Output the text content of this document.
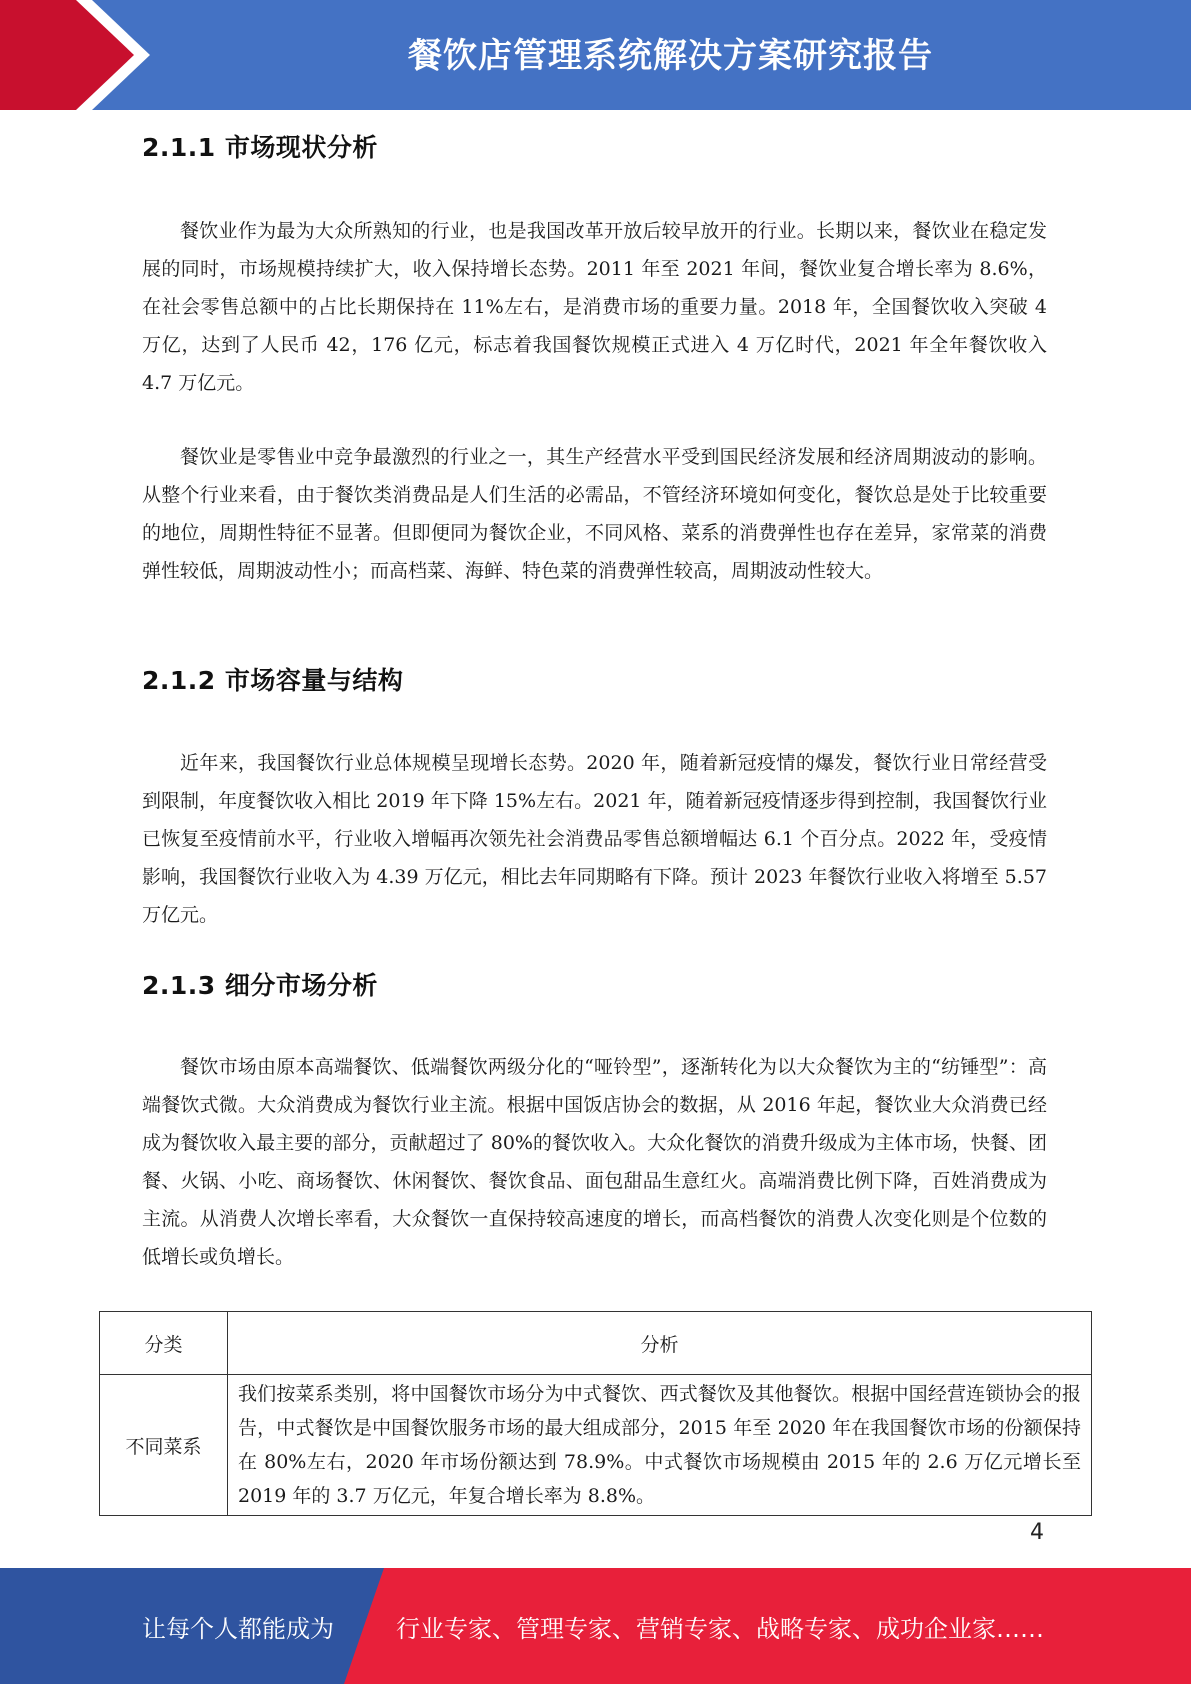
餐饮店管理系统解决方案研究报告
2.1.1 市场现状分析

餐饮业作为最为大众所熟知的行业，也是我国改革开放后较早放开的行业。长期以来，餐饮业在稳定发展的同时，市场规模持续扩大，收入保持增长态势。2011 年至 2021 年间，餐饮业复合增长率为 8.6%，在社会零售总额中的占比长期保持在 11%左右，是消费市场的重要力量。2018 年，全国餐饮收入突破 4 万亿，达到了人民币 42，176 亿元，标志着我国餐饮规模正式进入 4 万亿时代，2021 年全年餐饮收入 4.7 万亿元。

餐饮业是零售业中竞争最激烈的行业之一，其生产经营水平受到国民经济发展和经济周期波动的影响。从整个行业来看，由于餐饮类消费品是人们生活的必需品，不管经济环境如何变化，餐饮总是处于比较重要的地位，周期性特征不显著。但即便同为餐饮企业，不同风格、菜系的消费弹性也存在差异，家常菜的消费弹性较低，周期波动性小；而高档菜、海鲜、特色菜的消费弹性较高，周期波动性较大。

2.1.2 市场容量与结构

近年来，我国餐饮行业总体规模呈现增长态势。2020 年，随着新冠疫情的爆发，餐饮行业日常经营受到限制，年度餐饮收入相比 2019 年下降 15%左右。2021 年，随着新冠疫情逐步得到控制，我国餐饮行业已恢复至疫情前水平，行业收入增幅再次领先社会消费品零售总额增幅达 6.1 个百分点。2022 年，受疫情影响，我国餐饮行业收入为 4.39 万亿元，相比去年同期略有下降。预计 2023 年餐饮行业收入将增至 5.57 万亿元。

2.1.3 细分市场分析

餐饮市场由原本高端餐饮、低端餐饮两级分化的“哑铃型”，逐渐转化为以大众餐饮为主的“纺锤型”：高端餐饮式微。大众消费成为餐饮行业主流。根据中国饭店协会的数据，从 2016 年起，餐饮业大众消费已经成为餐饮收入最主要的部分，贡献超过了 80%的餐饮收入。大众化餐饮的消费升级成为主体市场，快餐、团餐、火锅、小吃、商场餐饮、休闲餐饮、餐饮食品、面包甜品生意红火。高端消费比例下降，百姓消费成为主流。从消费人次增长率看，大众餐饮一直保持较高速度的增长，而高档餐饮的消费人次变化则是个位数的低增长或负增长。

分类	分析
不同菜系	我们按菜系类别，将中国餐饮市场分为中式餐饮、西式餐饮及其他餐饮。根据中国经营连锁协会的报告，中式餐饮是中国餐饮服务市场的最大组成部分，2015 年至 2020 年在我国餐饮市场的份额保持在 80%左右，2020 年市场份额达到 78.9%。中式餐饮市场规模由 2015 年的 2.6 万亿元增长至 2019 年的 3.7 万亿元，年复合增长率为 8.8%。
4
让每个人都能成为	行业专家、管理专家、营销专家、战略专家、成功企业家……
